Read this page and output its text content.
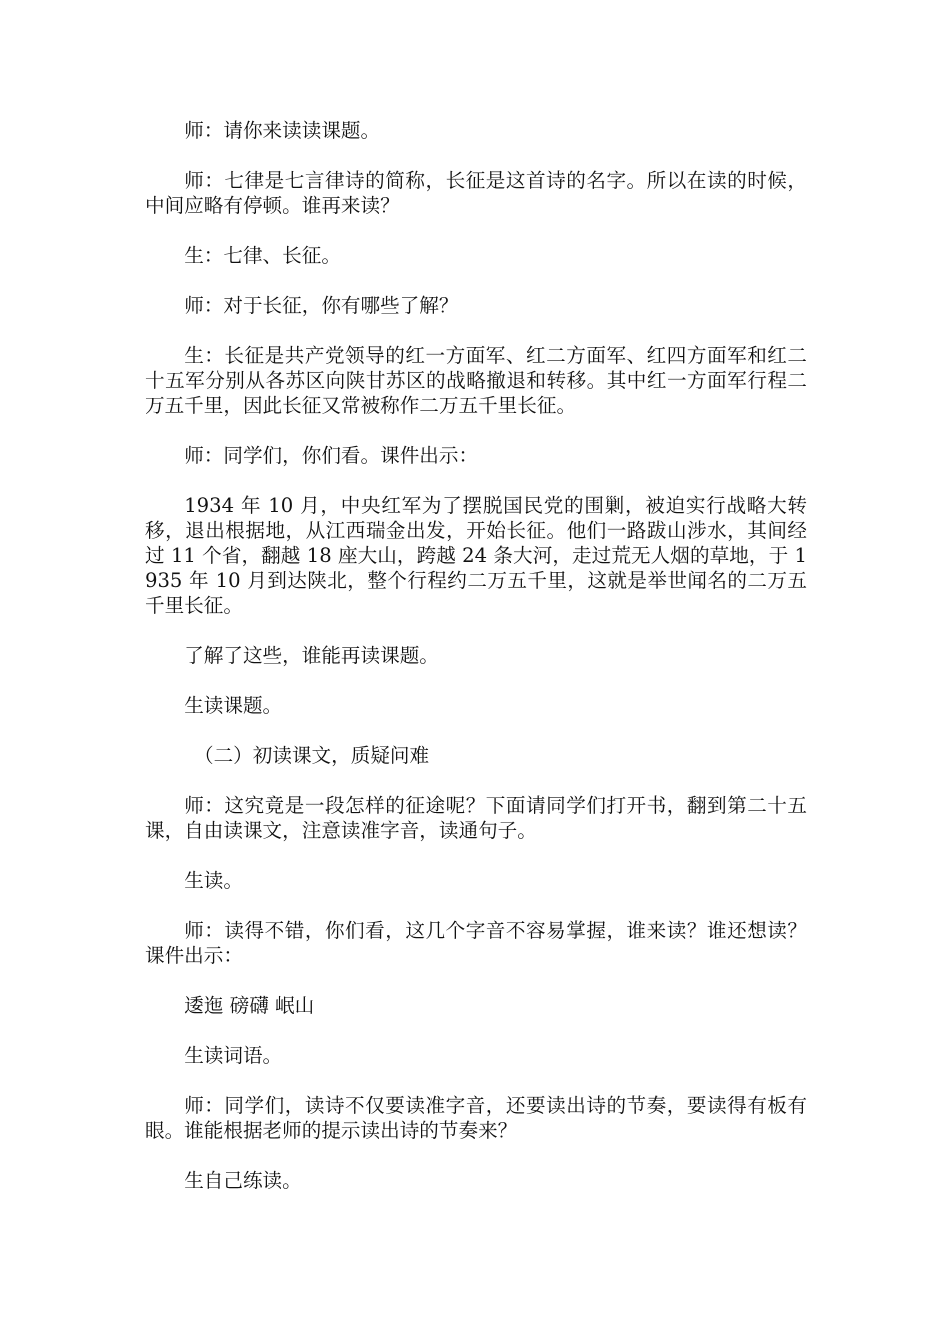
师：请你来读读课题。

师：七律是七言律诗的简称，长征是这首诗的名字。所以在读的时候，中间应略有停顿。谁再来读？

生：七律、长征。

师：对于长征，你有哪些了解？

生：长征是共产党领导的红一方面军、红二方面军、红四方面军和红二十五军分别从各苏区向陕甘苏区的战略撤退和转移。其中红一方面军行程二万五千里，因此长征又常被称作二万五千里长征。

师：同学们，你们看。课件出示：

1934 年 10 月，中央红军为了摆脱国民党的围剿，被迫实行战略大转移，退出根据地，从江西瑞金出发，开始长征。他们一路跋山涉水，其间经过 11 个省，翻越 18 座大山，跨越 24 条大河，走过荒无人烟的草地，于 1935 年 10 月到达陕北，整个行程约二万五千里，这就是举世闻名的二万五千里长征。

了解了这些，谁能再读课题。

生读课题。

（二）初读课文，质疑问难

师：这究竟是一段怎样的征途呢？下面请同学们打开书，翻到第二十五课，自由读课文，注意读准字音，读通句子。

生读。

师：读得不错，你们看，这几个字音不容易掌握，谁来读？谁还想读？课件出示：

逶迤 磅礴 岷山

生读词语。

师：同学们，读诗不仅要读准字音，还要读出诗的节奏，要读得有板有眼。谁能根据老师的提示读出诗的节奏来？

生自己练读。
